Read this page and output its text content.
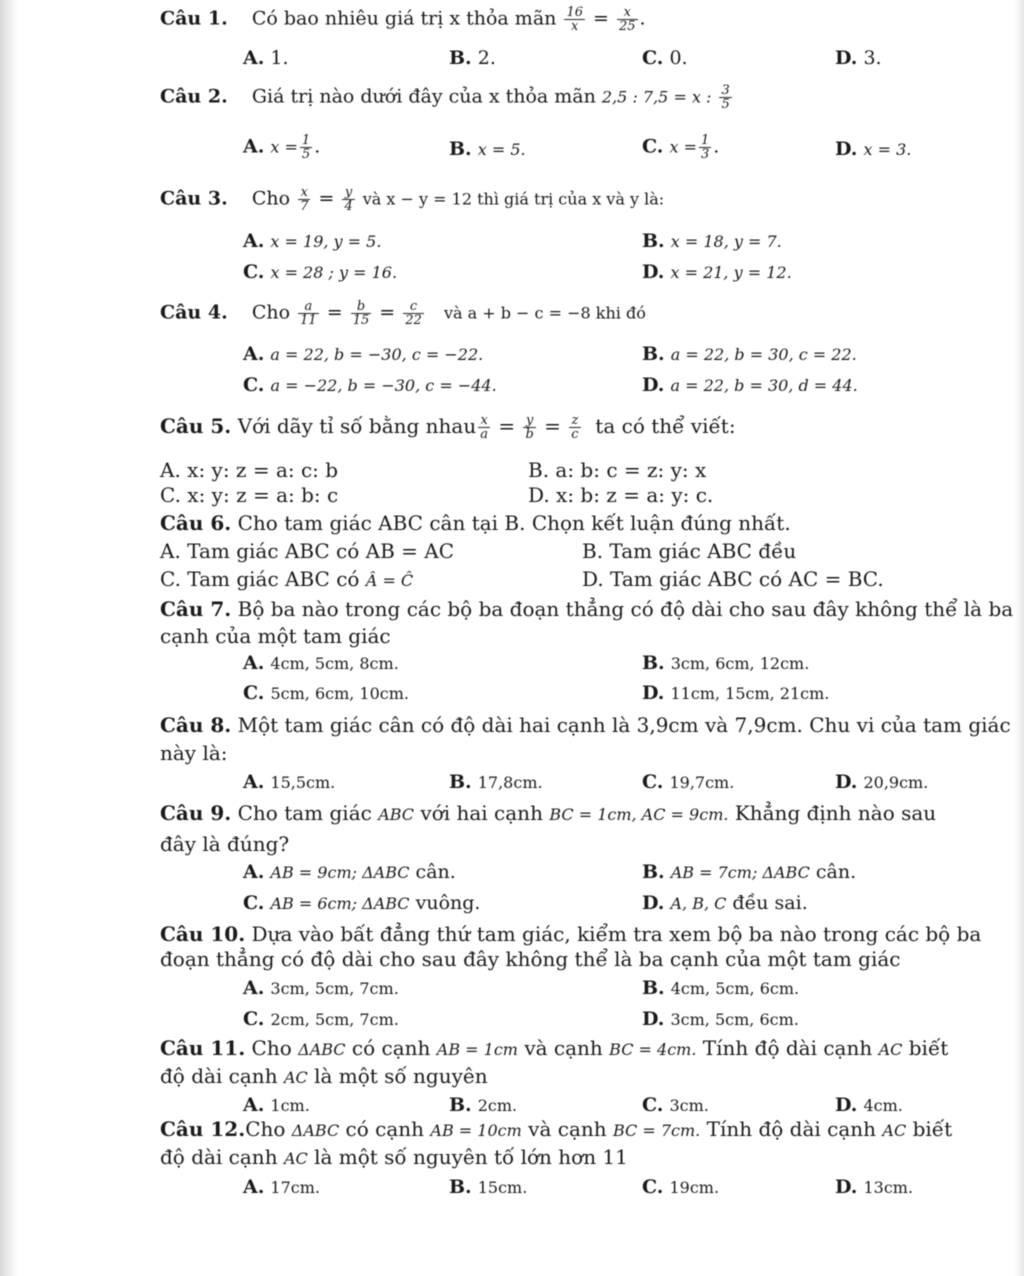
Câu 1. Có bao nhiêu giá trị x thỏa mãn $\frac{16}{x} = \frac{x}{25}$ .
A. 1.	B. 2.	C. 0.	D. 3.
Câu 2. Giá trị nào dưới đây của x thỏa mãn 2,5 : 7,5 = x : $\frac{3}{5}$
A. $x = \frac{1}{5}$ .	B. x = 5.	C. $x = \frac{1}{3}$ .	D. x = 3.
Câu 3. Cho $\frac{x}{7} = \frac{y}{4}$ và x − y = 12 thì giá trị của x và y là:
A. x = 19, y = 5.	B. x = 18, y = 7.
C. x = 28 ; y = 16.	D. x = 21, y = 12.
Câu 4. Cho $\frac{a}{11} = \frac{b}{15} = \frac{c}{22}$ và a + b − c = −8 khi đó
A. a = 22, b = −30, c = −22.	B. a = 22, b = 30, c = 22.
C. a = −22, b = −30, c = −44.	D. a = 22, b = 30, d = 44.
Câu 5. Với dãy tỉ số bằng nhau $\frac{x}{a} = \frac{y}{b} = \frac{z}{c}$ ta có thể viết:
A. x: y: z = a: c: b	B. a: b: c = z: y: x
C. x: y: z = a: b: c	D. x: b: z = a: y: c.
Câu 6. Cho tam giác ABC cân tại B. Chọn kết luận đúng nhất.
A. Tam giác ABC có AB = AC	B. Tam giác ABC đều
C. Tam giác ABC có Â = Ĉ	D. Tam giác ABC có AC = BC.
Câu 7. Bộ ba nào trong các bộ ba đoạn thẳng có độ dài cho sau đây không thể là ba
cạnh của một tam giác
A. 4cm, 5cm, 8cm.	B. 3cm, 6cm, 12cm.
C. 5cm, 6cm, 10cm.	D. 11cm, 15cm, 21cm.
Câu 8. Một tam giác cân có độ dài hai cạnh là 3,9cm và 7,9cm. Chu vi của tam giác
này là:
A. 15,5cm.	B. 17,8cm.	C. 19,7cm.	D. 20,9cm.
Câu 9. Cho tam giác ABC với hai cạnh BC = 1cm, AC = 9cm. Khẳng định nào sau
đây là đúng?
A. AB = 9cm; ΔABC cân.	B. AB = 7cm; ΔABC cân.
C. AB = 6cm; ΔABC vuông.	D. A, B, C đều sai.
Câu 10. Dựa vào bất đẳng thứ tam giác, kiểm tra xem bộ ba nào trong các bộ ba
đoạn thẳng có độ dài cho sau đây không thể là ba cạnh của một tam giác
A. 3cm, 5cm, 7cm.	B. 4cm, 5cm, 6cm.
C. 2cm, 5cm, 7cm.	D. 3cm, 5cm, 6cm.
Câu 11. Cho ΔABC có cạnh AB = 1cm và cạnh BC = 4cm. Tính độ dài cạnh AC biết
độ dài cạnh AC là một số nguyên
A. 1cm.	B. 2cm.	C. 3cm.	D. 4cm.
Câu 12.Cho ΔABC có cạnh AB = 10cm và cạnh BC = 7cm. Tính độ dài cạnh AC biết
độ dài cạnh AC là một số nguyên tố lớn hơn 11
A. 17cm.	B. 15cm.	C. 19cm.	D. 13cm.
